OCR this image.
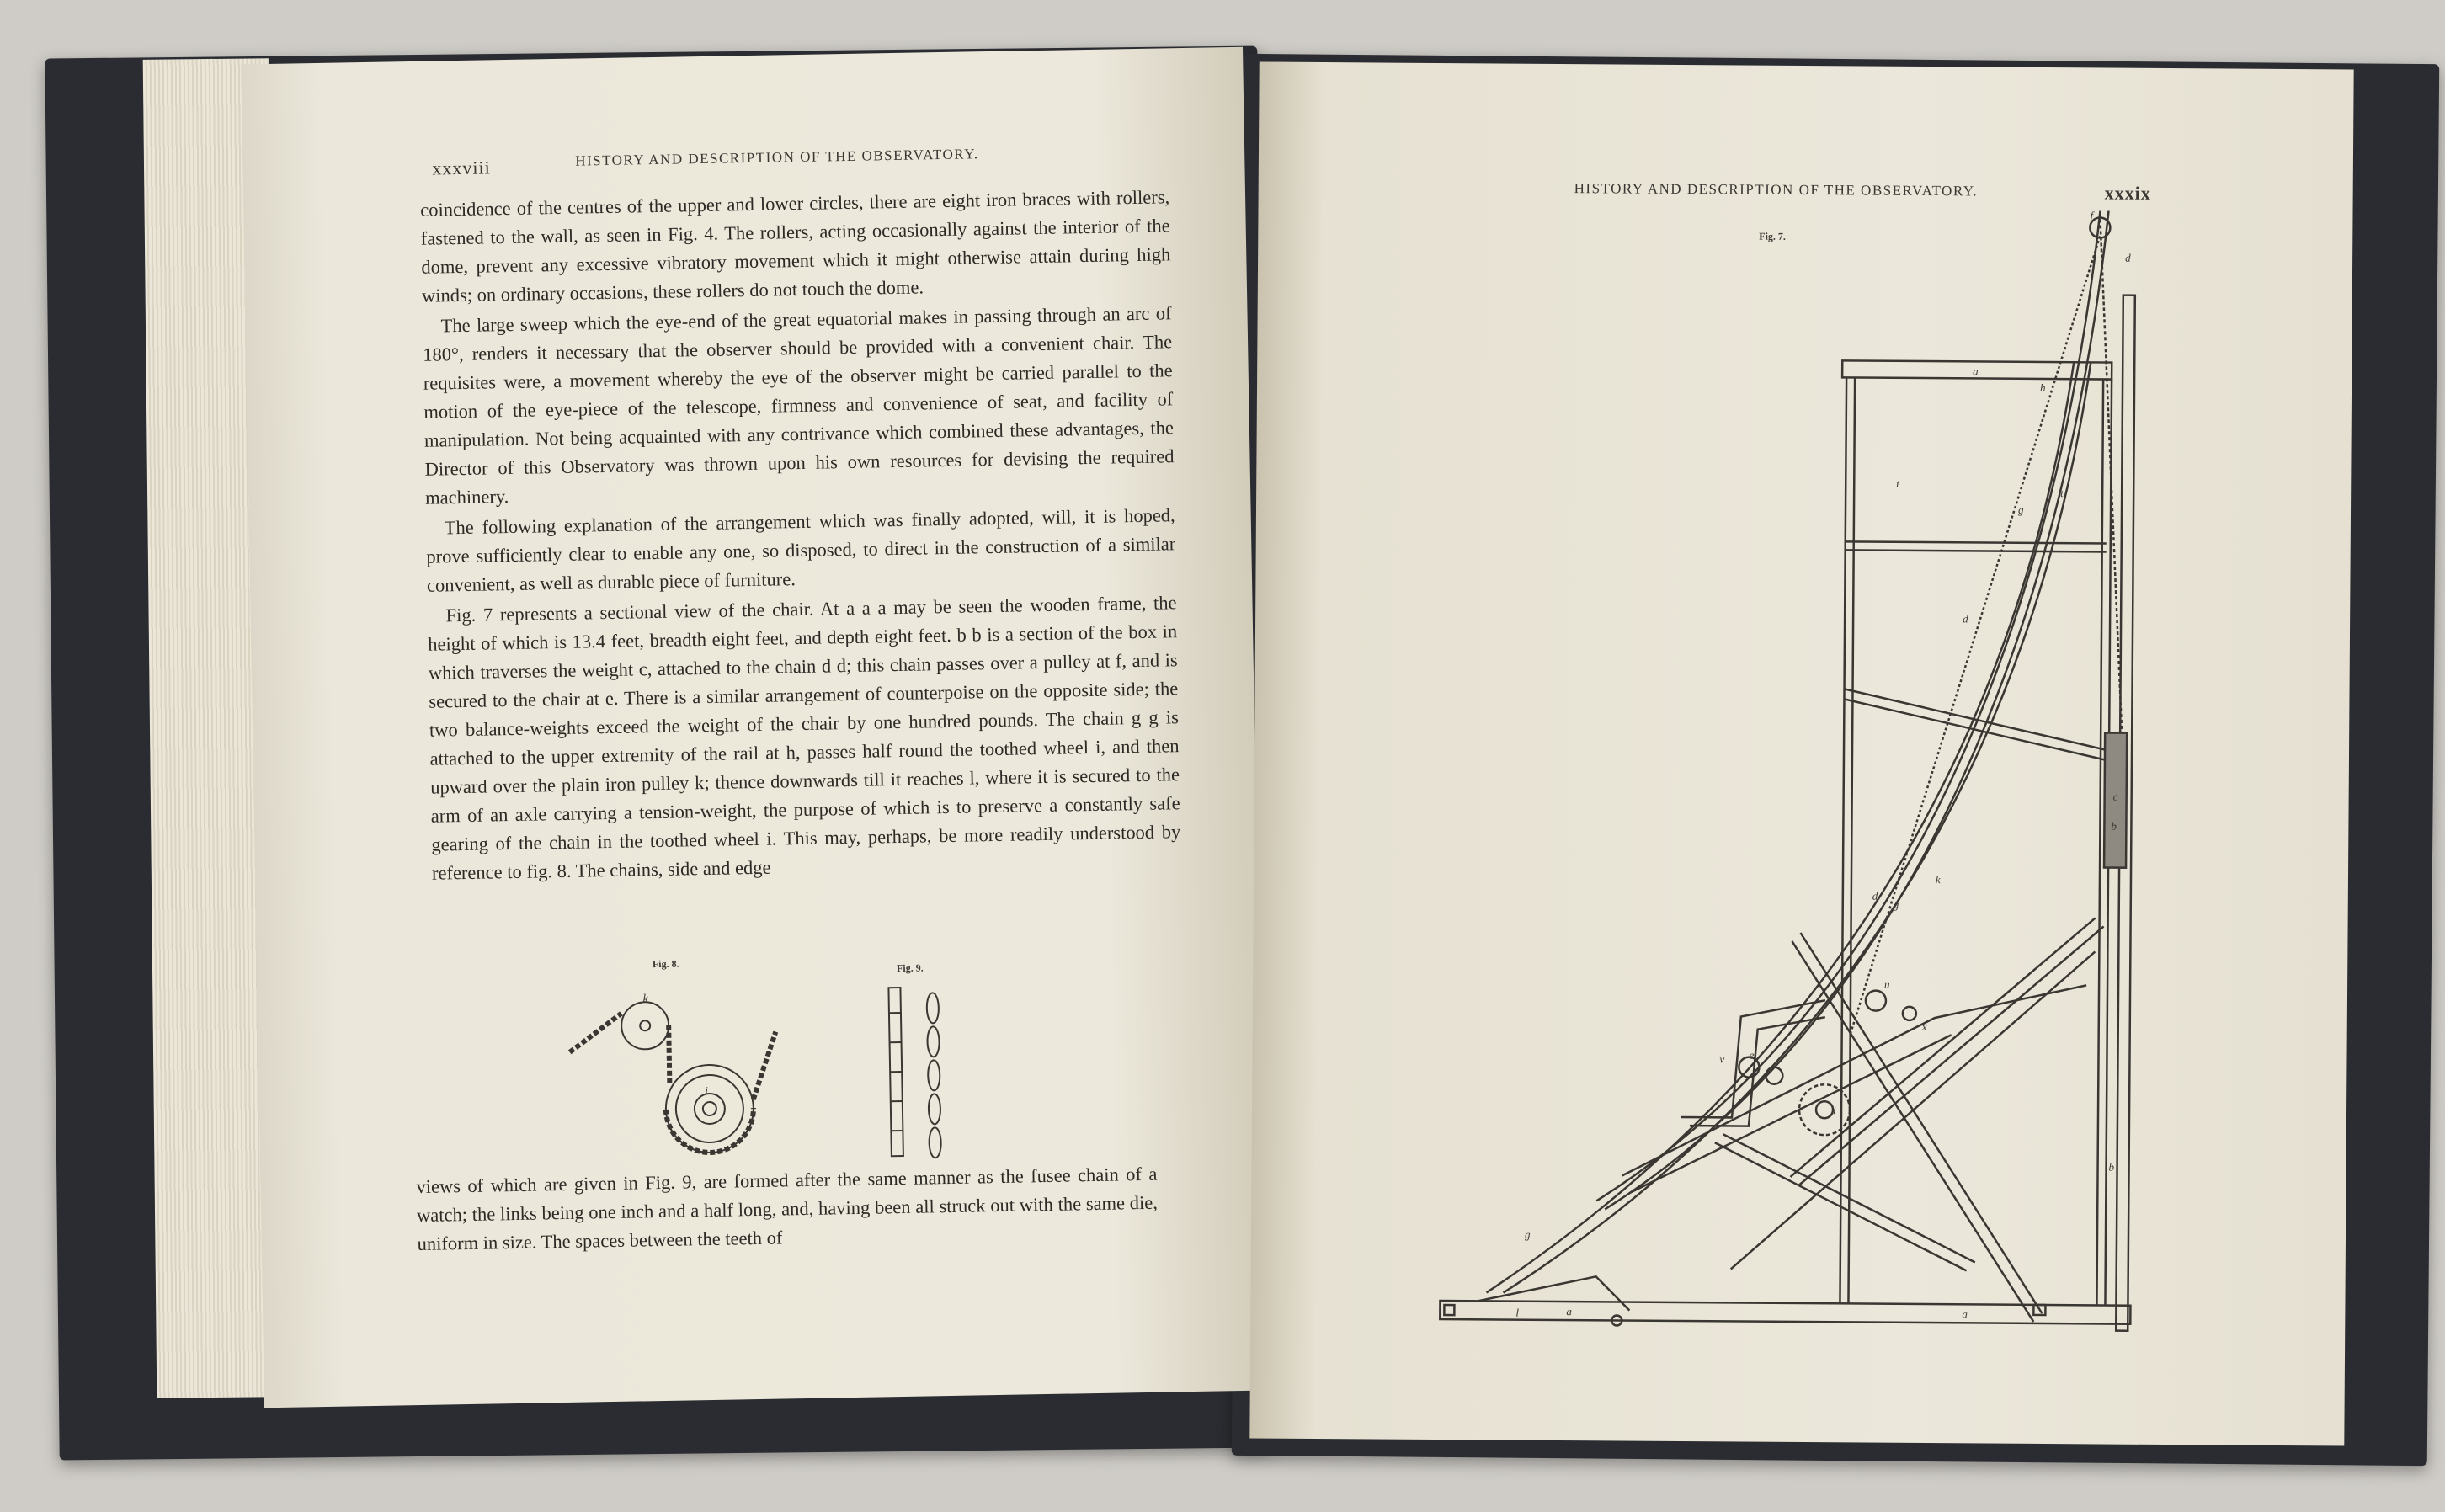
xxxviii	HISTORY AND DESCRIPTION OF THE OBSERVATORY.

coincidence of the centres of the upper and lower circles, there are eight iron braces with rollers, fastened to the wall, as seen in Fig. 4. The rollers, acting occasionally against the interior of the dome, prevent any excessive vibratory movement which it might otherwise attain during high winds; on ordinary occasions, these rollers do not touch the dome.

The large sweep which the eye-end of the great equatorial makes in passing through an arc of 180°, renders it necessary that the observer should be provided with a convenient chair. The requisites were, a movement whereby the eye of the observer might be carried parallel to the motion of the eye-piece of the telescope, firmness and convenience of seat, and facility of manipulation. Not being acquainted with any contrivance which combined these advantages, the Director of this Observatory was thrown upon his own resources for devising the required machinery.

The following explanation of the arrangement which was finally adopted, will, it is hoped, prove sufficiently clear to enable any one, so disposed, to direct in the construction of a similar convenient, as well as durable piece of furniture.

Fig. 7 represents a sectional view of the chair. At a a a may be seen the wooden frame, the height of which is 13.4 feet, breadth eight feet, and depth eight feet. b b is a section of the box in which traverses the weight c, attached to the chain d d; this chain passes over a pulley at f, and is secured to the chair at e. There is a similar arrangement of counterpoise on the opposite side; the two balance-weights exceed the weight of the chair by one hundred pounds. The chain g g is attached to the upper extremity of the rail at h, passes half round the toothed wheel i, and then upward over the plain iron pulley k; thence downwards till it reaches l, where it is secured to the arm of an axle carrying a tension-weight, the purpose of which is to preserve a constantly safe gearing of the chain in the toothed wheel i. This may, perhaps, be more readily understood by reference to fig. 8. The chains, side and edge

Fig. 8.
k
i
Fig. 9.

views of which are given in Fig. 9, are formed after the same manner as the fusee chain of a watch; the links being one inch and a half long, and, having been all struck out with the same die, uniform in size. The spaces between the teeth of

HISTORY AND DESCRIPTION OF THE OBSERVATORY.	xxxix
Fig. 7.
a
a	a
b
b
c
d
d
d
e
f
g
g
g
h
i
k
l
t
t
u
v
x
